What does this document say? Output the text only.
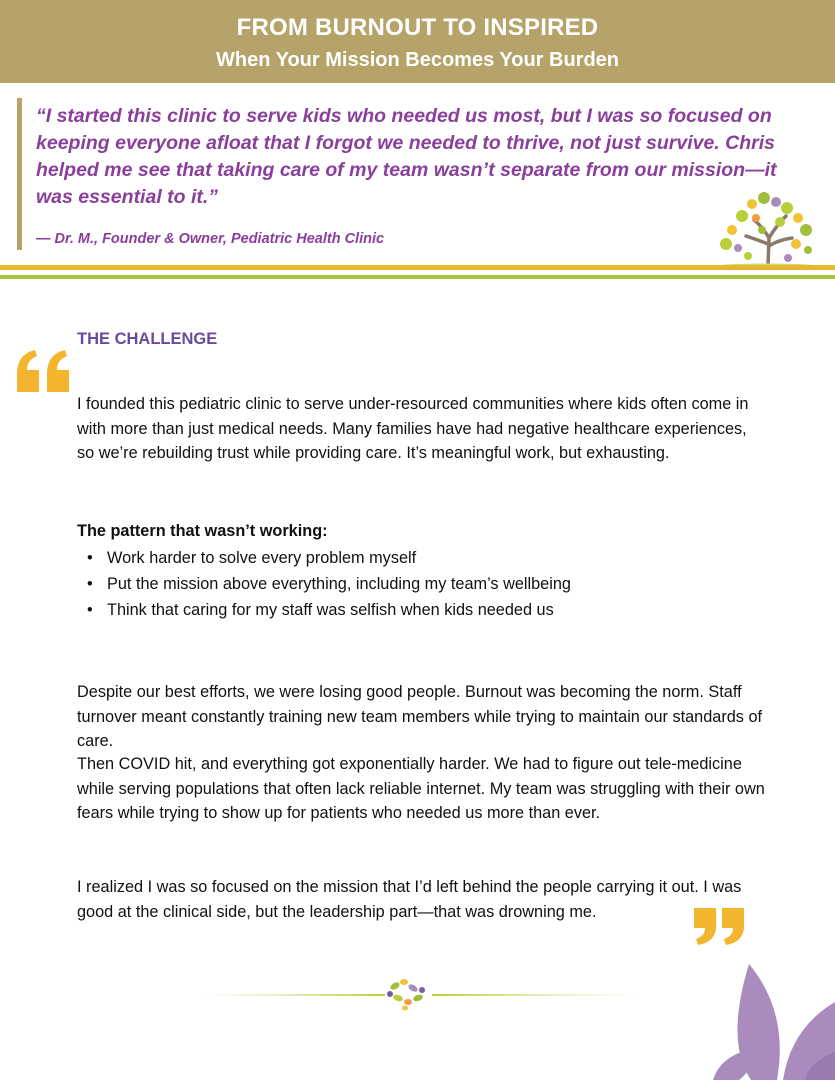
FROM BURNOUT TO INSPIRED
When Your Mission Becomes Your Burden
“I started this clinic to serve kids who needed us most, but I was so focused on keeping everyone afloat that I forgot we needed to thrive, not just survive. Chris helped me see that taking care of my team wasn’t separate from our mission—it was essential to it.”
— Dr. M., Founder & Owner, Pediatric Health Clinic
THE CHALLENGE
I founded this pediatric clinic to serve under-resourced communities where kids often come in with more than just medical needs. Many families have had negative healthcare experiences, so we’re rebuilding trust while providing care. It’s meaningful work, but exhausting.
The pattern that wasn’t working:
• Work harder to solve every problem myself
• Put the mission above everything, including my team’s wellbeing
• Think that caring for my staff was selfish when kids needed us
Despite our best efforts, we were losing good people. Burnout was becoming the norm. Staff turnover meant constantly training new team members while trying to maintain our standards of care.
Then COVID hit, and everything got exponentially harder. We had to figure out tele-medicine while serving populations that often lack reliable internet. My team was struggling with their own fears while trying to show up for patients who needed us more than ever.
I realized I was so focused on the mission that I’d left behind the people carrying it out. I was good at the clinical side, but the leadership part—that was drowning me.
